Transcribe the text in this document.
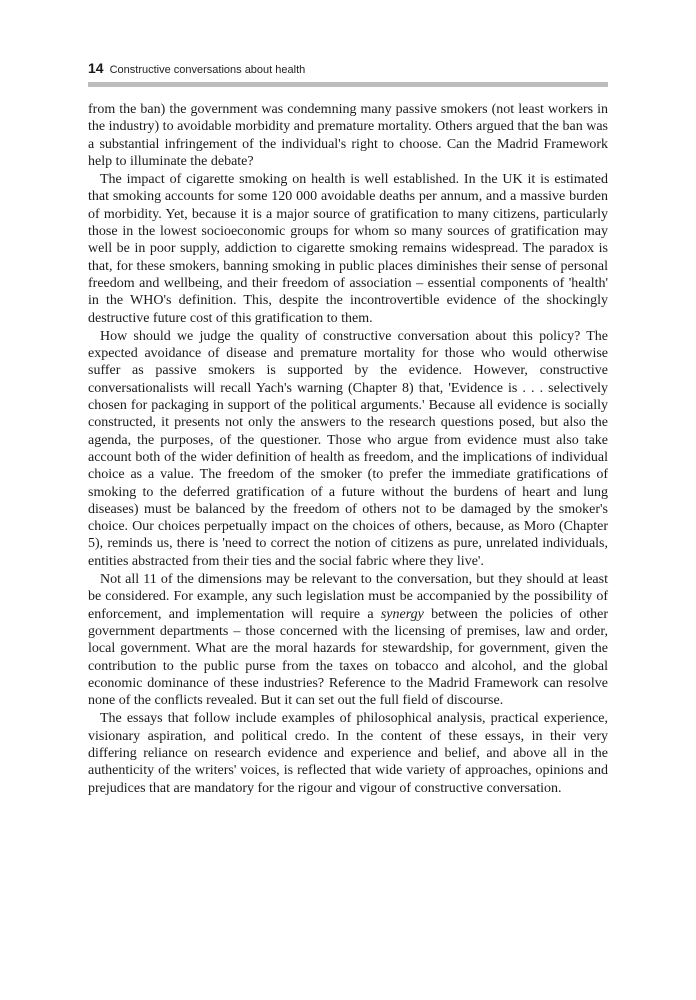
14 Constructive conversations about health

from the ban) the government was condemning many passive smokers (not least workers in the industry) to avoidable morbidity and premature mortality. Others argued that the ban was a substantial infringement of the individual's right to choose. Can the Madrid Framework help to illuminate the debate?

The impact of cigarette smoking on health is well established. In the UK it is estimated that smoking accounts for some 120 000 avoidable deaths per annum, and a massive burden of morbidity. Yet, because it is a major source of gratification to many citizens, particularly those in the lowest socioeconomic groups for whom so many sources of gratification may well be in poor supply, addiction to cigarette smoking remains widespread. The paradox is that, for these smokers, banning smoking in public places diminishes their sense of personal freedom and wellbeing, and their freedom of association – essential components of 'health' in the WHO's definition. This, despite the incontrovertible evidence of the shockingly destructive future cost of this gratification to them.

How should we judge the quality of constructive conversation about this policy? The expected avoidance of disease and premature mortality for those who would otherwise suffer as passive smokers is supported by the evidence. However, constructive conversationalists will recall Yach's warning (Chapter 8) that, 'Evidence is . . . selectively chosen for packaging in support of the political arguments.' Because all evidence is socially constructed, it presents not only the answers to the research questions posed, but also the agenda, the purposes, of the questioner. Those who argue from evidence must also take account both of the wider definition of health as freedom, and the implications of individual choice as a value. The freedom of the smoker (to prefer the immediate gratifications of smoking to the deferred gratification of a future without the burdens of heart and lung diseases) must be balanced by the freedom of others not to be damaged by the smoker's choice. Our choices perpetually impact on the choices of others, because, as Moro (Chapter 5), reminds us, there is 'need to correct the notion of citizens as pure, unrelated individuals, entities abstracted from their ties and the social fabric where they live'.

Not all 11 of the dimensions may be relevant to the conversation, but they should at least be considered. For example, any such legislation must be accompanied by the possibility of enforcement, and implementation will require a synergy between the policies of other government departments – those concerned with the licensing of premises, law and order, local government. What are the moral hazards for stewardship, for government, given the contribution to the public purse from the taxes on tobacco and alcohol, and the global economic dominance of these industries? Reference to the Madrid Framework can resolve none of the conflicts revealed. But it can set out the full field of discourse.

The essays that follow include examples of philosophical analysis, practical experience, visionary aspiration, and political credo. In the content of these essays, in their very differing reliance on research evidence and experience and belief, and above all in the authenticity of the writers' voices, is reflected that wide variety of approaches, opinions and prejudices that are mandatory for the rigour and vigour of constructive conversation.
